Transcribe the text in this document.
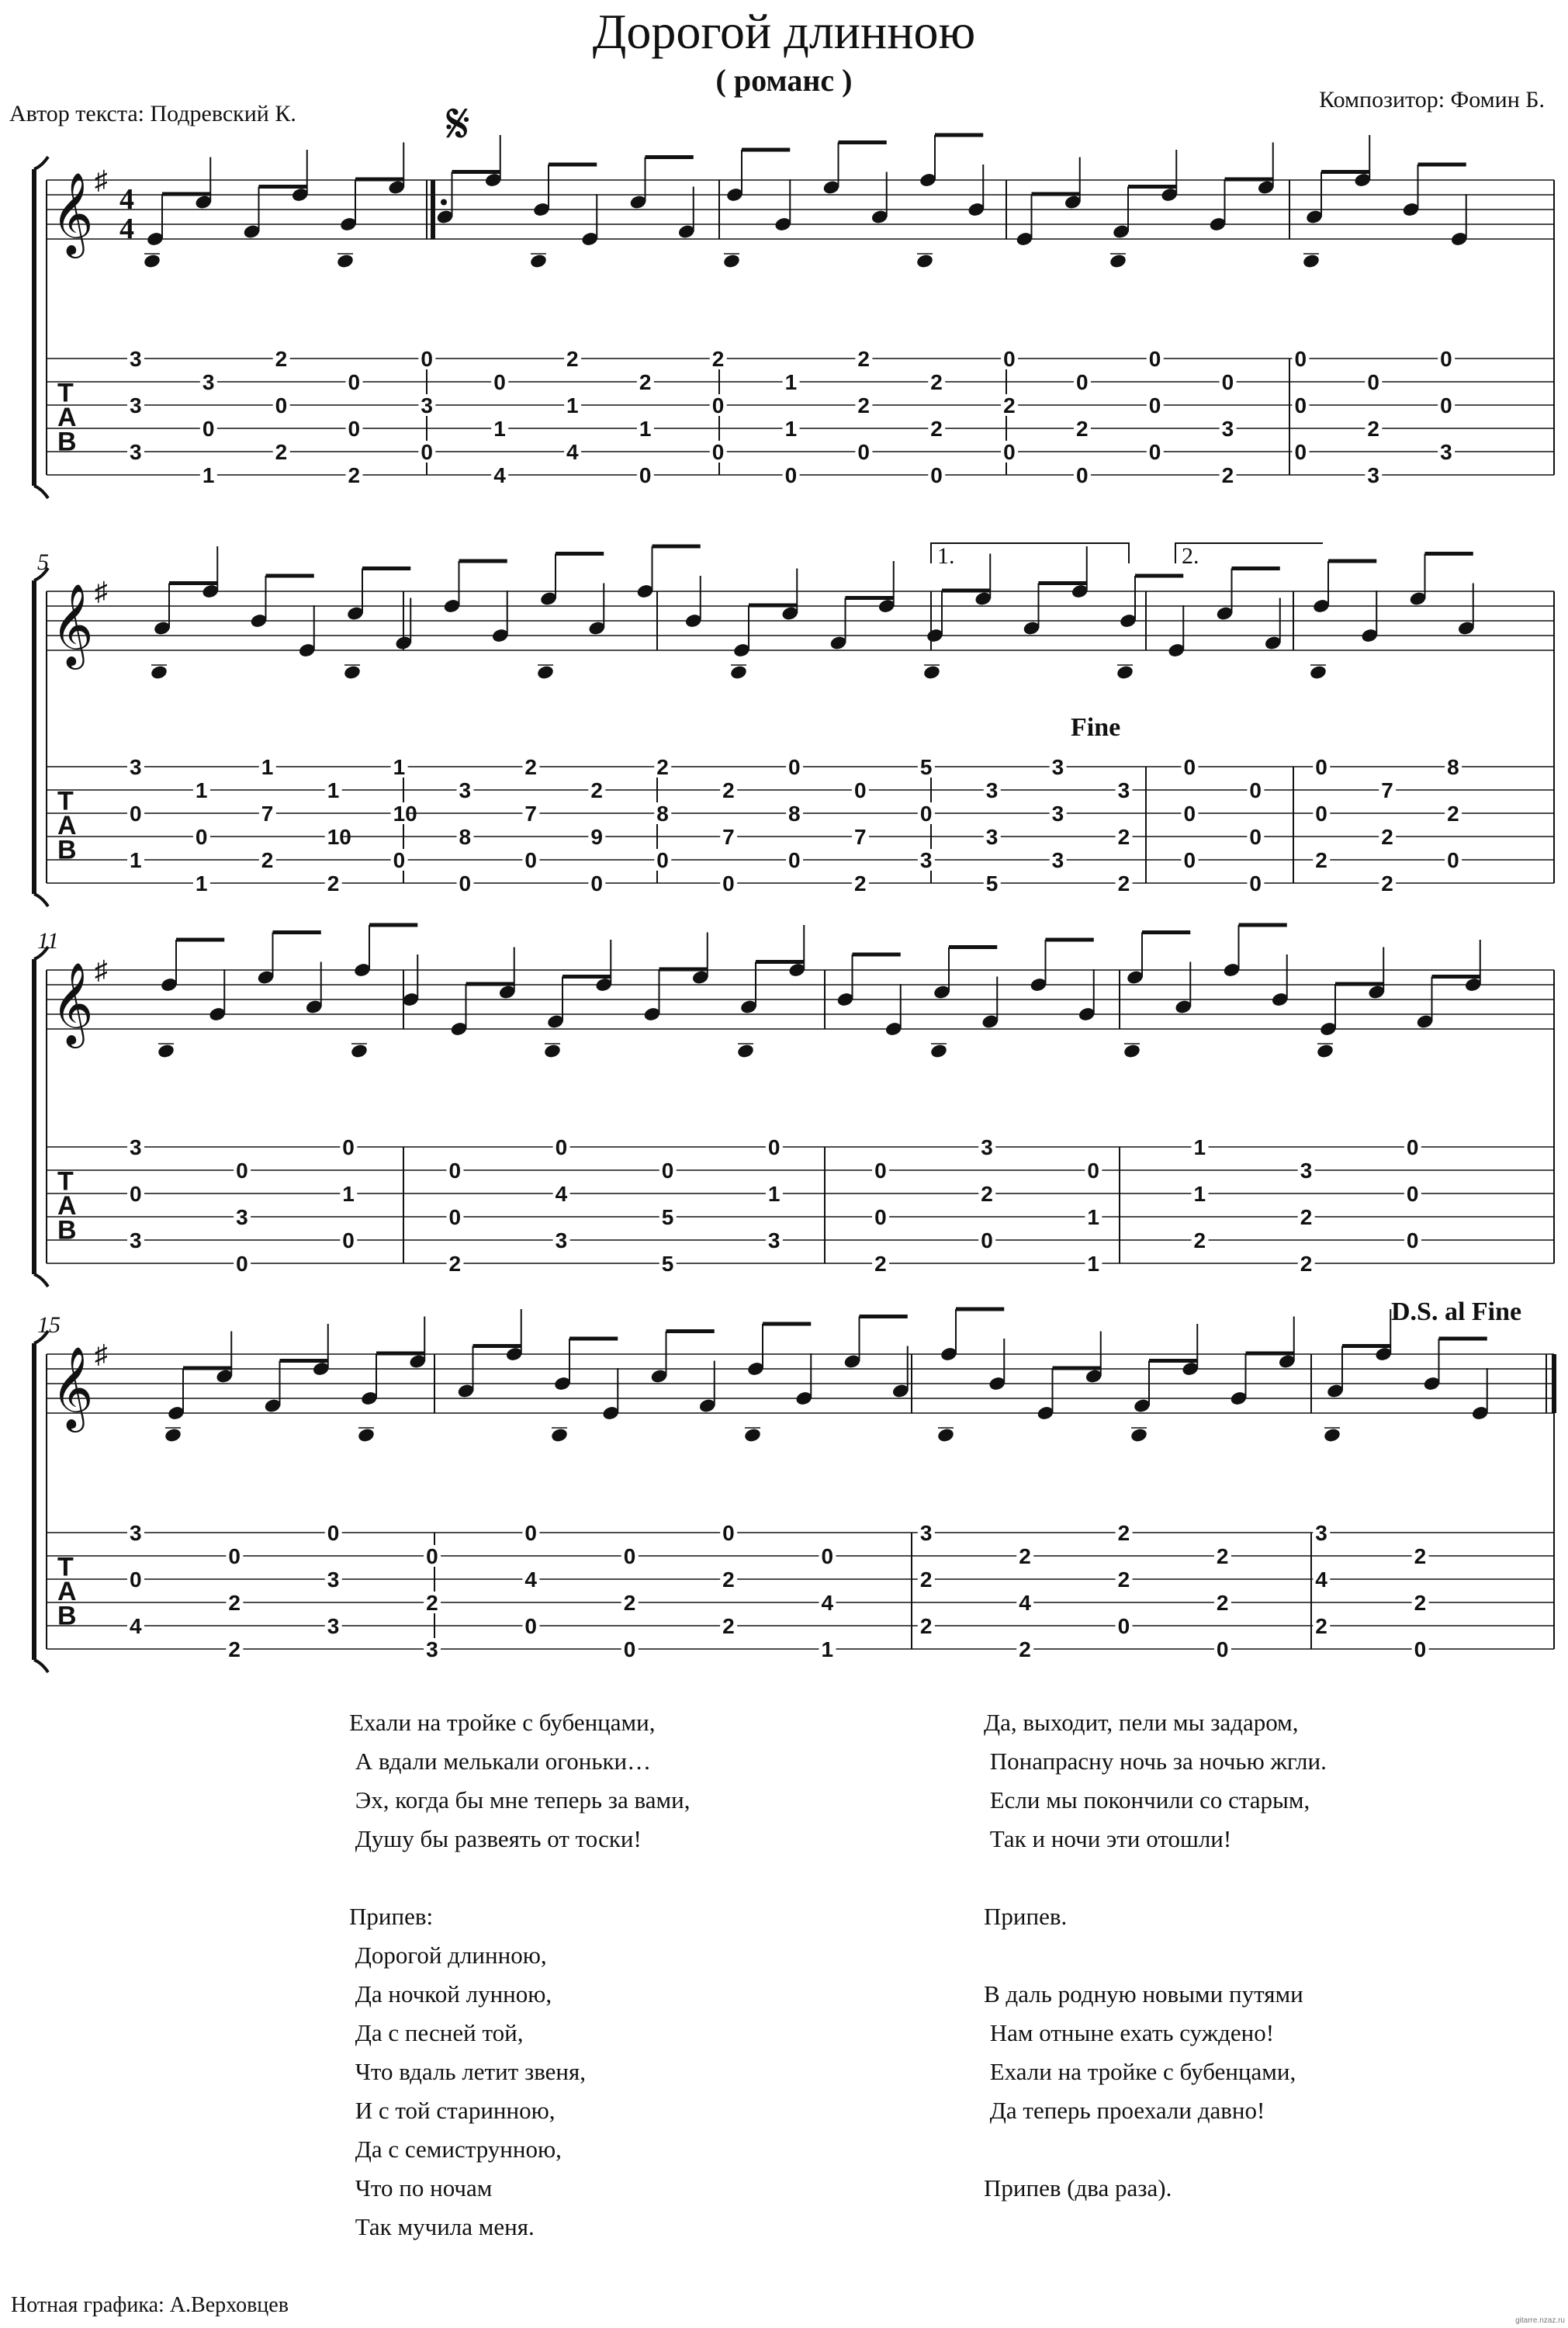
Дорогой длинною
( романс )
Автор текста: Подревский К.
Композитор: Фомин Б.
𝄞 ♯
T
A
B
4
4
3
3
2
0
0
0
2
2
2
1
2
2
0
0
0
0
0
0
0
3
0
0
0
3
1
1
1
0
1
2
2
2
2
0
3
0
2
0
3
1
2
2
0
4
4
0
0
0
0
0
0
0
0
2
0
3
3
𝄋
𝄞 ♯
T
A
B
5
3
1
1
1
1
3
2
2
2
2
0
0
5
3
3
3
0
0
0
7
8
0
0
7
10
10
8
7
9
8
7
8
7
0
3
3
2
0
0
0
2
2
1
1
2
2
0
0
0
0
0
0
0
2
3
5
3
2
0
0
2
2
0
1.	2.
Fine
𝄞 ♯
T
A
B
11
3
0
0
0
0
0
0
0
3
0
1
3
0
0
3
1
0
4
5
1
0
2
1
1
2
0
3
0
0
2
3
5
3
2
0
1
2
2
0
𝄞 ♯
T
A
B
15
3
0
0
0
0
0
0
0
3
2
2
2
3
2
0
2
3
2
4
2
2
4
2
4
2
2
4
2
4
2
3
3
0
0
2
1
2
2
0
0
2
0
D.S. al Fine
Ехали на тройке с бубенцами,
А вдали мелькали огоньки…
Эх, когда бы мне теперь за вами,
Душу бы развеять от тоски!
Припев:
Дорогой длинною,
Да ночкой лунною,
Да с песней той,
Что вдаль летит звеня,
И с той старинною,
Да с семиструнною,
Что по ночам
Так мучила меня.
Да, выходит, пели мы задаром,
Понапрасну ночь за ночью жгли.
Если мы покончили со старым,
Так и ночи эти отошли!
Припев.
В даль родную новыми путями
Нам отныне ехать суждено!
Ехали на тройке с бубенцами,
Да теперь проехали давно!
Припев (два раза).
Нотная графика: А.Верховцев
gitarre.nzaz.ru
